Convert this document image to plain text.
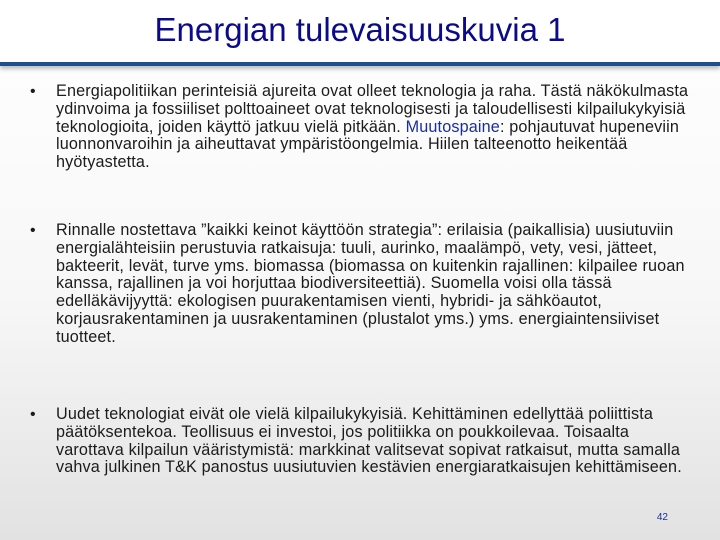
Energian tulevaisuuskuvia 1
• Energiapolitiikan perinteisiä ajureita ovat olleet teknologia ja raha. Tästä näkökulmasta ydinvoima ja fossiiliset polttoaineet ovat teknologisesti ja taloudellisesti kilpailukykyisiä teknologioita, joiden käyttö jatkuu vielä pitkään. Muutospaine: pohjautuvat hupeneviin luonnonvaroihin ja aiheuttavat ympäristöongelmia. Hiilen talteenotto heikentää hyötyastetta.
• Rinnalle nostettava ”kaikki keinot käyttöön strategia”: erilaisia (paikallisia) uusiutuviin energialähteisiin perustuvia ratkaisuja: tuuli, aurinko, maalämpö, vety, vesi, jätteet, bakteerit, levät, turve yms. biomassa (biomassa on kuitenkin rajallinen: kilpailee ruoan kanssa, rajallinen ja voi horjuttaa biodiversiteettiä). Suomella voisi olla tässä edelläkävijyyttä: ekologisen puurakentamisen vienti, hybridi- ja sähköautot, korjausrakentaminen ja uusrakentaminen (plustalot yms.) yms. energiaintensiiviset tuotteet.
• Uudet teknologiat eivät ole vielä kilpailukykyisiä. Kehittäminen edellyttää poliittista päätöksentekoa. Teollisuus ei investoi, jos politiikka on poukkoilevaa. Toisaalta varottava kilpailun vääristymistä: markkinat valitsevat sopivat ratkaisut, mutta samalla vahva julkinen T&K panostus uusiutuvien kestävien energiaratkaisujen kehittämiseen.
42
